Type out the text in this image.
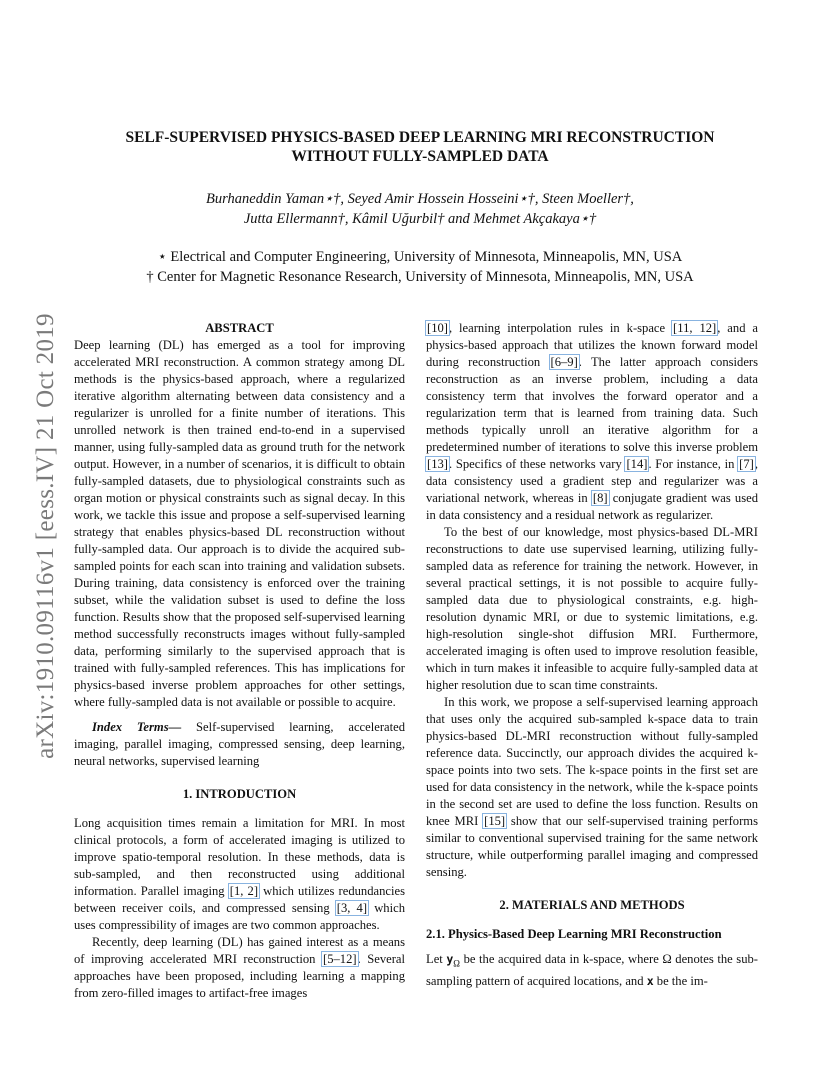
arXiv:1910.09116v1 [eess.IV] 21 Oct 2019
SELF-SUPERVISED PHYSICS-BASED DEEP LEARNING MRI RECONSTRUCTION
WITHOUT FULLY-SAMPLED DATA
Burhaneddin Yaman⋆†, Seyed Amir Hossein Hosseini⋆†, Steen Moeller†,
Jutta Ellermann†, Kâmil Uğurbil† and Mehmet Akçakaya⋆†
⋆ Electrical and Computer Engineering, University of Minnesota, Minneapolis, MN, USA
† Center for Magnetic Resonance Research, University of Minnesota, Minneapolis, MN, USA
ABSTRACT

Deep learning (DL) has emerged as a tool for improving accelerated MRI reconstruction. A common strategy among DL methods is the physics-based approach, where a regularized iterative algorithm alternating between data consistency and a regularizer is unrolled for a finite number of iterations. This unrolled network is then trained end-to-end in a supervised manner, using fully-sampled data as ground truth for the network output. However, in a number of scenarios, it is difficult to obtain fully-sampled datasets, due to physiological constraints such as organ motion or physical constraints such as signal decay. In this work, we tackle this issue and propose a self-supervised learning strategy that enables physics-based DL reconstruction without fully-sampled data. Our approach is to divide the acquired sub-sampled points for each scan into training and validation subsets. During training, data consistency is enforced over the training subset, while the validation subset is used to define the loss function. Results show that the proposed self-supervised learning method successfully reconstructs images without fully-sampled data, performing similarly to the supervised approach that is trained with fully-sampled references. This has implications for physics-based inverse problem approaches for other settings, where fully-sampled data is not available or possible to acquire.

Index Terms— Self-supervised learning, accelerated imaging, parallel imaging, compressed sensing, deep learning, neural networks, supervised learning

1. INTRODUCTION

Long acquisition times remain a limitation for MRI. In most clinical protocols, a form of accelerated imaging is utilized to improve spatio-temporal resolution. In these methods, data is sub-sampled, and then reconstructed using additional information. Parallel imaging [1, 2] which utilizes redundancies between receiver coils, and compressed sensing [3, 4] which uses compressibility of images are two common approaches.

Recently, deep learning (DL) has gained interest as a means of improving accelerated MRI reconstruction [5–12]. Several approaches have been proposed, including learning a mapping from zero-filled images to artifact-free images

[10], learning interpolation rules in k-space [11, 12], and a physics-based approach that utilizes the known forward model during reconstruction [6–9]. The latter approach considers reconstruction as an inverse problem, including a data consistency term that involves the forward operator and a regularization term that is learned from training data. Such methods typically unroll an iterative algorithm for a predetermined number of iterations to solve this inverse problem [13]. Specifics of these networks vary [14]. For instance, in [7], data consistency used a gradient step and regularizer was a variational network, whereas in [8] conjugate gradient was used in data consistency and a residual network as regularizer.

To the best of our knowledge, most physics-based DL-MRI reconstructions to date use supervised learning, utilizing fully-sampled data as reference for training the network. However, in several practical settings, it is not possible to acquire fully-sampled data due to physiological constraints, e.g. high-resolution dynamic MRI, or due to systemic limitations, e.g. high-resolution single-shot diffusion MRI. Furthermore, accelerated imaging is often used to improve resolution feasible, which in turn makes it infeasible to acquire fully-sampled data at higher resolution due to scan time constraints.

In this work, we propose a self-supervised learning approach that uses only the acquired sub-sampled k-space data to train physics-based DL-MRI reconstruction without fully-sampled reference data. Succinctly, our approach divides the acquired k-space points into two sets. The k-space points in the first set are used for data consistency in the network, while the k-space points in the second set are used to define the loss function. Results on knee MRI [15] show that our self-supervised training performs similar to conventional supervised training for the same network structure, while outperforming parallel imaging and compressed sensing.

2. MATERIALS AND METHODS
2.1. Physics-Based Deep Learning MRI Reconstruction

Let $y_\Omega$ be the acquired data in k-space, where Ω denotes the sub-sampling pattern of acquired locations, and x be the im-
